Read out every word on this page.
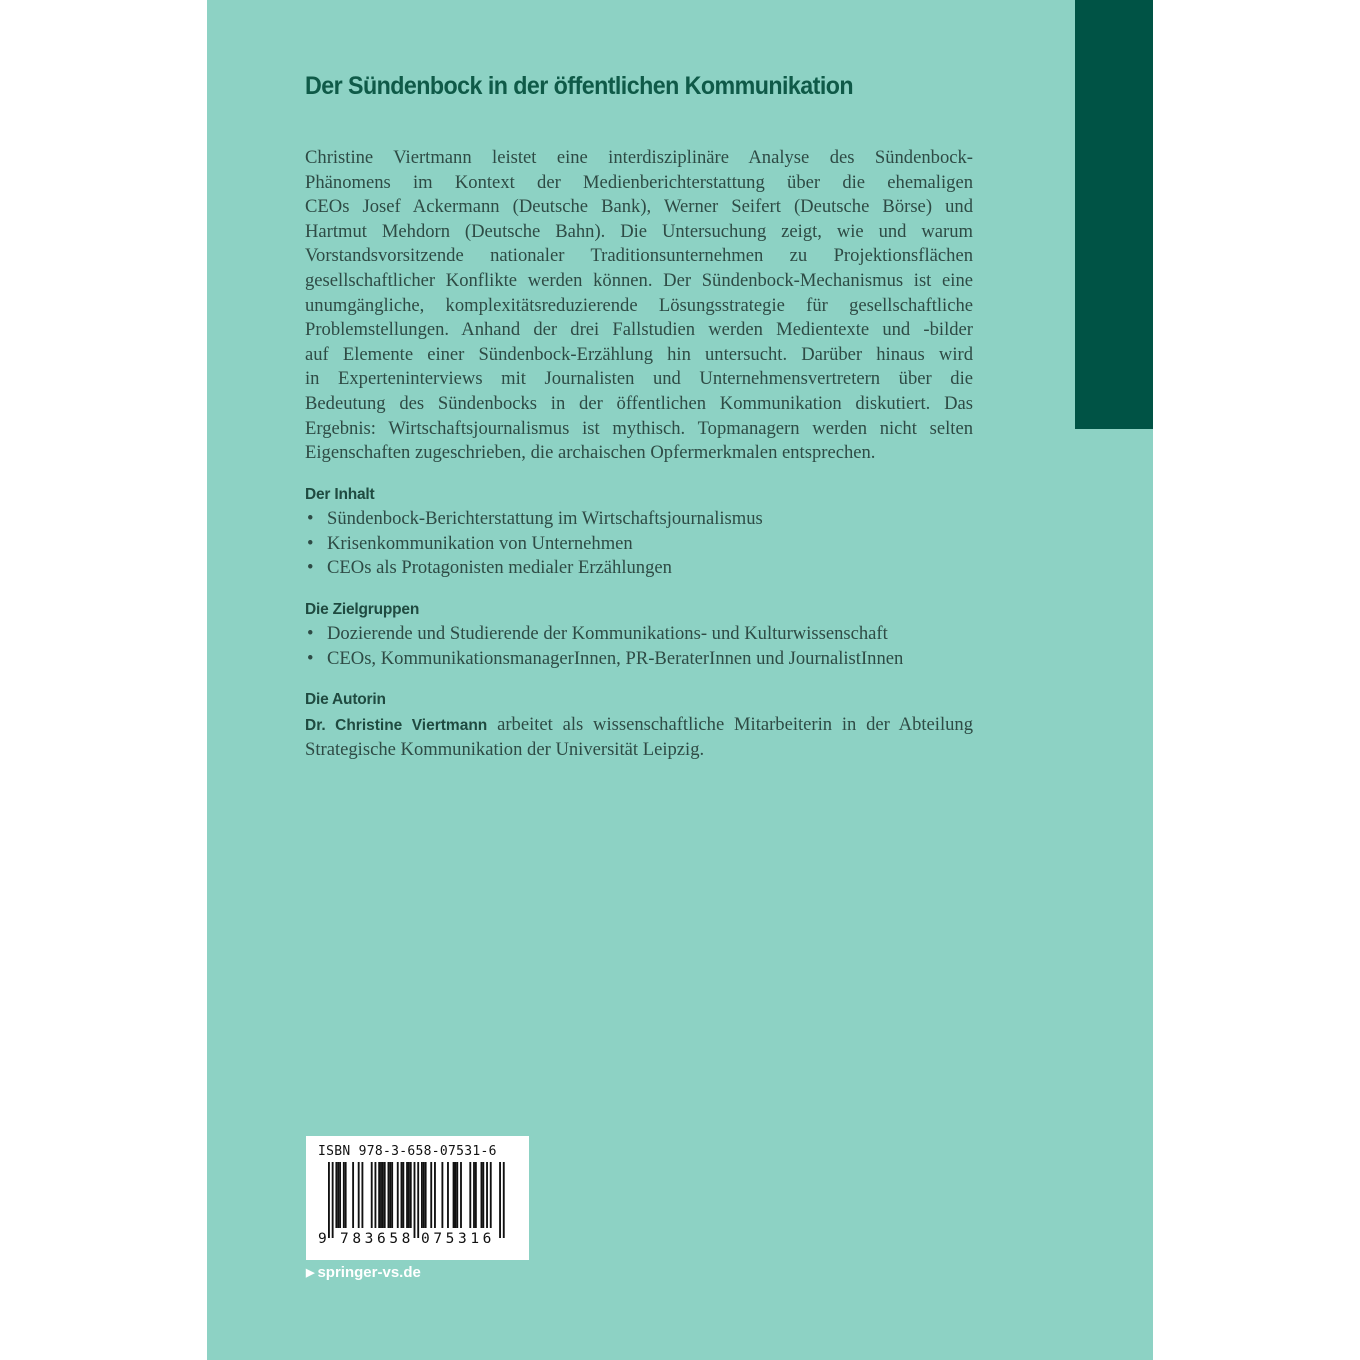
Der Sündenbock in der öffentlichen Kommunikation
Christine Viertmann leistet eine interdisziplinäre Analyse des Sündenbock-
Phänomens im Kontext der Medienberichterstattung über die ehemaligen
CEOs Josef Ackermann (Deutsche Bank), Werner Seifert (Deutsche Börse) und
Hartmut Mehdorn (Deutsche Bahn). Die Untersuchung zeigt, wie und warum
Vorstandsvorsitzende nationaler Traditionsunternehmen zu Projektionsflächen
gesellschaftlicher Konflikte werden können. Der Sündenbock-Mechanismus ist eine
unumgängliche, komplexitätsreduzierende Lösungsstrategie für gesellschaftliche
Problemstellungen. Anhand der drei Fallstudien werden Medientexte und -bilder
auf Elemente einer Sündenbock-Erzählung hin untersucht. Darüber hinaus wird
in Experteninterviews mit Journalisten und Unternehmensvertretern über die
Bedeutung des Sündenbocks in der öffentlichen Kommunikation diskutiert. Das
Ergebnis: Wirtschaftsjournalismus ist mythisch. Topmanagern werden nicht selten
Eigenschaften zugeschrieben, die archaischen Opfermerkmalen entsprechen.
Der Inhalt
• Sündenbock-Berichterstattung im Wirtschaftsjournalismus
• Krisenkommunikation von Unternehmen
• CEOs als Protagonisten medialer Erzählungen
Die Zielgruppen
• Dozierende und Studierende der Kommunikations- und Kulturwissenschaft
• CEOs, KommunikationsmanagerInnen, PR-BeraterInnen und JournalistInnen
Die Autorin
Dr. Christine Viertmann arbeitet als wissenschaftliche Mitarbeiterin in der Abteilung
Strategische Kommunikation der Universität Leipzig.
ISBN 978-3-658-07531-6
9 783658 075316
▶ springer-vs.de
